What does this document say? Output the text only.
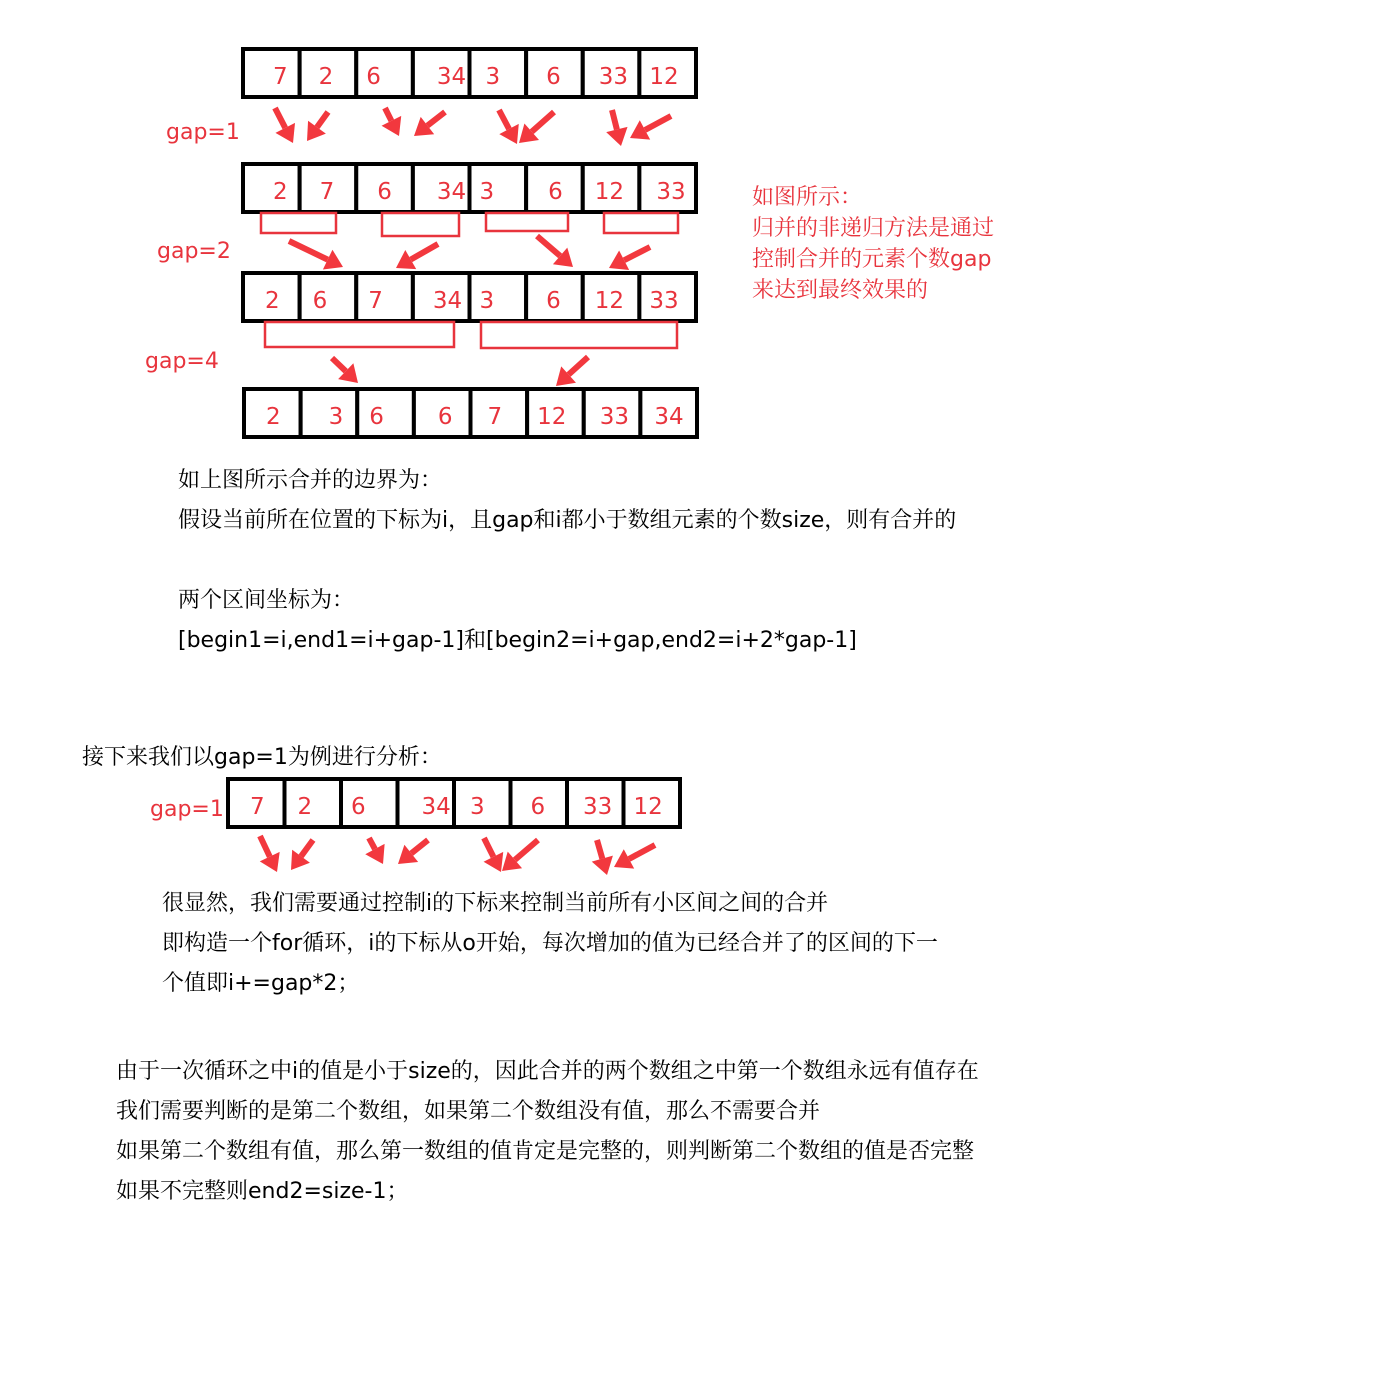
7 2 6 34 3 6 33 12
2 7 6 34 3 6 12 33
2 6 7 34 3 6 12 33
2 3 6 6 7 12 33 34
7 2 6 34 3 6 33 12
gap=1
gap=2
gap=4
gap=1
如图所示：
归并的非递归方法是通过
控制合并的元素个数gap
来达到最终效果的
如上图所示合并的边界为：
假设当前所在位置的下标为i，且gap和i都小于数组元素的个数size，则有合并的
两个区间坐标为：
[begin1=i,end1=i+gap-1]和[begin2=i+gap,end2=i+2*gap-1]
接下来我们以gap=1为例进行分析：
很显然，我们需要通过控制i的下标来控制当前所有小区间之间的合并
即构造一个for循环，i的下标从o开始，每次增加的值为已经合并了的区间的下一
个值即i+=gap*2；
由于一次循环之中i的值是小于size的，因此合并的两个数组之中第一个数组永远有值存在
我们需要判断的是第二个数组，如果第二个数组没有值，那么不需要合并
如果第二个数组有值，那么第一数组的值肯定是完整的，则判断第二个数组的值是否完整
如果不完整则end2=size-1；
